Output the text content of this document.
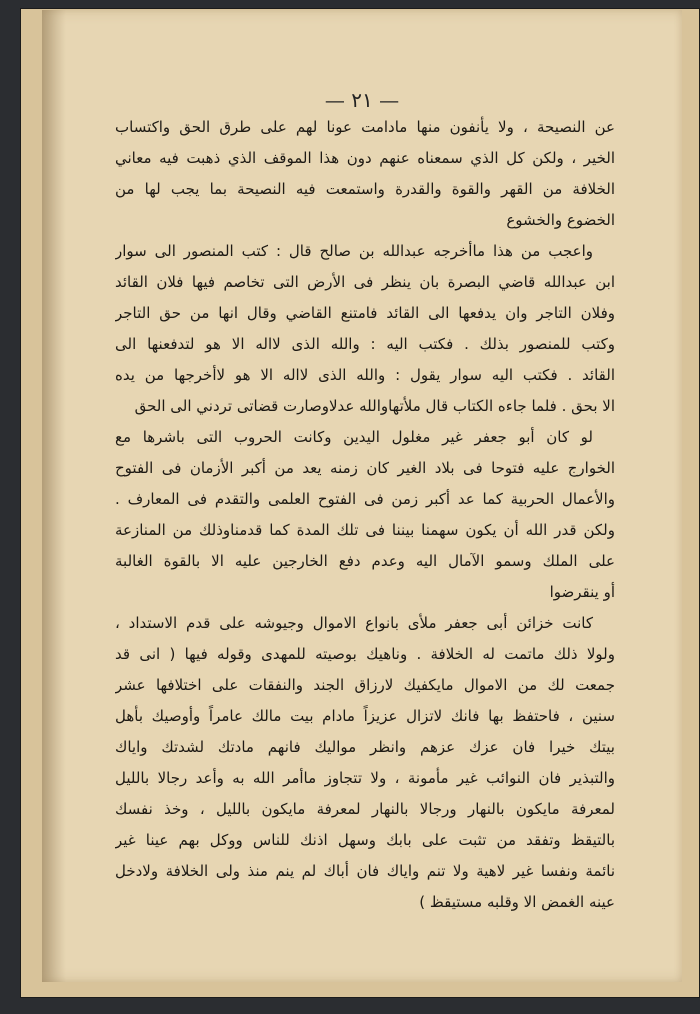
— ٢١ —
عن النصيحة ، ولا يأنفون منها مادامت عونا لهم على طرق الحق واكتساب
الخير ، ولكن كل الذي سمعناه عنهم دون هذا الموقف الذي ذهبت فيه معاني
الخلافة من القهر والقوة والقدرة واستمعت فيه النصيحة بما يجب لها من
الخضوع والخشوع
واعجب من هذا ماأخرجه عبدالله بن صالح قال : كتب المنصور الى سوار
ابن عبدالله قاضي البصرة بان ينظر فى الأرض التى تخاصم فيها فلان القائد
وفلان التاجر وان يدفعها الى القائد فامتنع القاضي وقال انها من حق التاجر
وكتب للمنصور بذلك . فكتب اليه : والله الذى لااله الا هو لتدفعنها الى
القائد . فكتب اليه سوار يقول : والله الذى لااله الا هو لاأخرجها من يده
الا بحق . فلما جاءه الكتاب قال ملأتهاوالله عدلاوصارت قضاتى تردني الى الحق
لو كان أبو جعفر غير مغلول اليدين وكانت الحروب التى باشرها مع
الخوارج عليه فتوحا فى بلاد الغير كان زمنه يعد من أكبر الأزمان فى الفتوح
والأعمال الحربية كما عد أكبر زمن فى الفتوح العلمى والتقدم فى المعارف .
ولكن قدر الله أن يكون سهمنا بيننا فى تلك المدة كما قدمناوذلك من المنازعة
على الملك وسمو الآمال اليه وعدم دفع الخارجين عليه الا بالقوة الغالبة
أو ينقرضوا
كانت خزائن أبى جعفر ملأى بانواع الاموال وجيوشه على قدم الاستداد ،
ولولا ذلك ماتمت له الخلافة . وناهيك بوصيته للمهدى وقوله فيها ( انى قد
جمعت لك من الاموال مايكفيك لارزاق الجند والنفقات على اختلافها عشر
سنين ، فاحتفظ بها فانك لاتزال عزيزاً مادام بيت مالك عامراً وأوصيك بأهل
بيتك خيرا فان عزك عزهم وانظر مواليك فانهم مادتك لشدتك واياك
والتبذير فان النوائب غير مأمونة ، ولا تتجاوز ماأمر الله به وأعد رجالا بالليل
لمعرفة مايكون بالنهار ورجالا بالنهار لمعرفة مايكون بالليل ، وخذ نفسك
بالتيقظ وتفقد من تثبت على بابك وسهل اذنك للناس ووكل بهم عينا غير
نائمة ونفسا غير لاهية ولا تنم واياك فان أباك لم ينم منذ ولى الخلافة ولادخل
عينه الغمض الا وقلبه مستيقظ )
